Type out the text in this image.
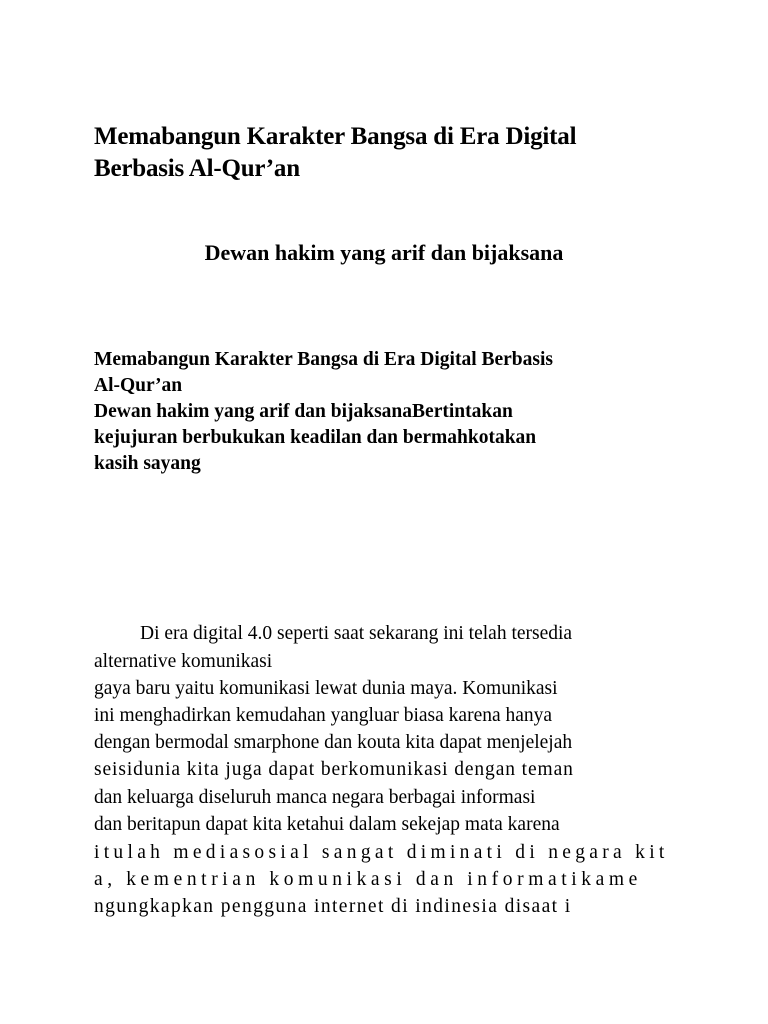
Memabangun Karakter Bangsa di Era Digital
Berbasis Al-Qur’an
Dewan hakim yang arif dan bijaksana
Memabangun Karakter Bangsa di Era Digital Berbasis
Al-Qur’an
Dewan hakim yang arif dan bijaksanaBertintakan
kejujuran berbukukan keadilan dan bermahkotakan
kasih sayang
Di era digital 4.0 seperti saat sekarang ini telah tersedia
alternative komunikasi
gaya baru yaitu komunikasi lewat dunia maya. Komunikasi
ini menghadirkan kemudahan yangluar biasa karena hanya
dengan bermodal smarphone dan kouta kita dapat menjelejah
seisidunia kita juga dapat berkomunikasi dengan teman
dan keluarga diseluruh manca negara berbagai informasi
dan beritapun dapat kita ketahui dalam sekejap mata karena
itulah mediasosial sangat diminati di negara kit
a, kementrian komunikasi dan informatikame
ngungkapkan pengguna internet di indinesia disaat i
